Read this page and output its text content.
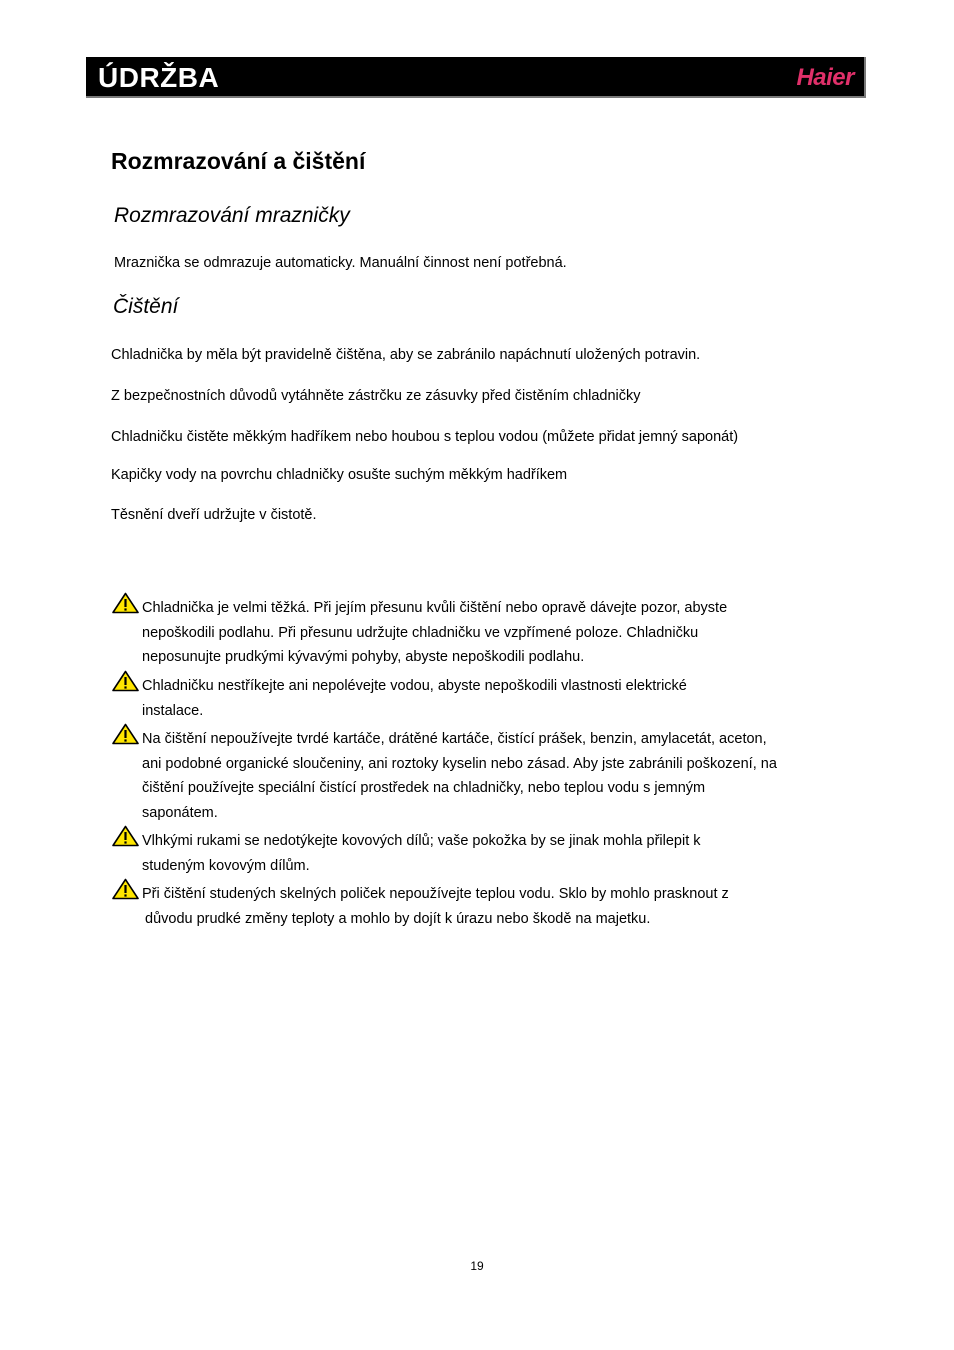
ÚDRŽBA	Haier
Rozmrazování a čištění
Rozmrazování mrazničky
Mraznička se odmrazuje automaticky. Manuální činnost není potřebná.
Čištění
Chladnička by měla být pravidelně čištěna, aby se zabránilo napáchnutí uložených potravin.
Z bezpečnostních důvodů vytáhněte zástrčku ze zásuvky před čistěním chladničky
Chladničku čistěte měkkým hadříkem nebo houbou s teplou vodou (můžete přidat jemný saponát)
Kapičky vody na povrchu chladničky osušte suchým měkkým hadříkem
Těsnění dveří udržujte v čistotě.
Chladnička je velmi těžká. Při jejím přesunu kvůli čištění nebo opravě dávejte pozor, abyste
nepoškodili podlahu. Při přesunu udržujte chladničku ve vzpřímené poloze. Chladničku
neposunujte prudkými kývavými pohyby, abyste nepoškodili podlahu.
Chladničku nestříkejte ani nepolévejte vodou, abyste nepoškodili vlastnosti elektrické
instalace.
Na čištění nepoužívejte tvrdé kartáče, drátěné kartáče, čistící prášek, benzin, amylacetát, aceton,
ani podobné organické sloučeniny, ani roztoky kyselin nebo zásad. Aby jste zabránili poškození, na
čištění používejte speciální čistící prostředek na chladničky, nebo teplou vodu s jemným
saponátem.
Vlhkými rukami se nedotýkejte kovových dílů; vaše pokožka by se jinak mohla přilepit k
studeným kovovým dílům.
Při čištění studených skelných poliček nepoužívejte teplou vodu. Sklo by mohlo prasknout z
důvodu prudké změny teploty a mohlo by dojít k úrazu nebo škodě na majetku.
19
